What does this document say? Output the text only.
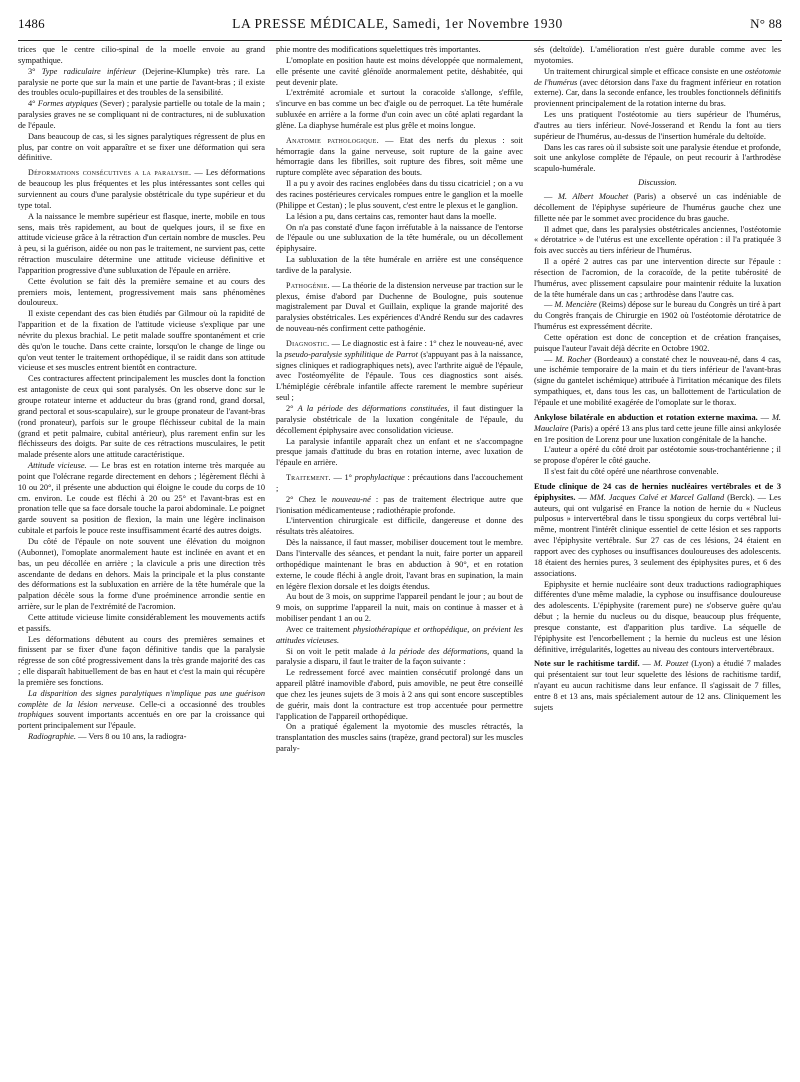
1486	LA PRESSE MÉDICALE, Samedi, 1er Novembre 1930	N° 88

trices que le centre cilio-spinal de la moelle envoie au grand sympathique.

3° Type radiculaire inférieur (Dejerine-Klumpke) très rare. La paralysie ne porte que sur la main et une partie de l'avant-bras ; il existe des troubles oculo-pupillaires et des troubles de la sensibilité.

4° Formes atypiques (Sever) ; paralysie partielle ou totale de la main ; paralysies graves ne se compliquant ni de contractures, ni de subluxation de l'épaule.

Dans beaucoup de cas, si les signes paralytiques régressent de plus en plus, par contre on voit apparaître et se fixer une déformation qui sera définitive.

Déformations consécutives a la paralysie. — Les déformations de beaucoup les plus fréquentes et les plus intéressantes sont celles qui surviennent au cours d'une paralysie obstétricale du type supérieur et du type total.

A la naissance le membre supérieur est flasque, inerte, mobile en tous sens, mais très rapidement, au bout de quelques jours, il se fixe en attitude vicieuse grâce à la rétraction d'un certain nombre de muscles. Peu à peu, si la guérison, aidée ou non pas le traitement, ne survient pas, cette rétraction musculaire détermine une attitude vicieuse définitive et l'apparition progressive d'une subluxation de l'épaule en arrière.

Cette évolution se fait dès la première semaine et au cours des premiers mois, lentement, progressivement mais sans phénomènes douloureux.

Il existe cependant des cas bien étudiés par Gilmour où la rapidité de l'apparition et de la fixation de l'attitude vicieuse s'explique par une névrite du plexus brachial. Le petit malade souffre spontanément et crie dès qu'on le touche. Dans cette crainte, lorsqu'on le change de linge ou qu'on veut tenter le traitement orthopédique, il se raidit dans son attitude vicieuse et ses muscles entrent bientôt en contracture.

Ces contractures affectent principalement les muscles dont la fonction est antagoniste de ceux qui sont paralysés. On les observe donc sur le groupe rotateur interne et adducteur du bras (grand rond, grand dorsal, grand pectoral et sous-scapulaire), sur le groupe pronateur de l'avant-bras (rond pronateur), parfois sur le groupe fléchisseur cubital de la main (grand et petit palmaire, cubital antérieur), plus rarement enfin sur les fléchisseurs des doigts. Par suite de ces rétractions musculaires, le petit malade présente alors une attitude caractéristique.

Attitude vicieuse. — Le bras est en rotation interne très marquée au point que l'olécrane regarde directement en dehors ; légèrement fléchi à 10 ou 20°, il présente une abduction qui éloigne le coude du corps de 10 cm. environ. Le coude est fléchi à 20 ou 25° et l'avant-bras est en pronation telle que sa face dorsale touche la paroi abdominale. Le poignet garde souvent sa position de flexion, la main une légère inclinaison cubitale et parfois le pouce reste insuffisamment écarté des autres doigts.

Du côté de l'épaule on note souvent une élévation du moignon (Aubonnet), l'omoplate anormalement haute est inclinée en avant et en bas, un peu décollée en arrière ; la clavicule a pris une direction très ascendante de dedans en dehors. Mais la principale et la plus constante des déformations est la subluxation en arrière de la tête humérale que la palpation décèle sous la forme d'une proéminence arrondie sentie en arrière, sur le plan de l'extrémité de l'acromion.

Cette attitude vicieuse limite considérablement les mouvements actifs et passifs.

Les déformations débutent au cours des premières semaines et finissent par se fixer d'une façon définitive tandis que la paralysie régresse de son côté progressivement dans la très grande majorité des cas ; elle disparaît habituellement de bas en haut et c'est la main qui récupère la première ses fonctions.

La disparition des signes paralytiques n'implique pas une guérison complète de la lésion nerveuse. Celle-ci a occasionné des troubles trophiques souvent importants accentués en ore par la croissance qui portent principalement sur l'épaule.

Radiographie. — Vers 8 ou 10 ans, la radiogra-

phie montre des modifications squelettiques très importantes.

L'omoplate en position haute est moins développée que normalement, elle présente une cavité glénoïde anormalement petite, déshabitée, qui peut devenir plate.

L'extrémité acromiale et surtout la coracoïde s'allonge, s'effile, s'incurve en bas comme un bec d'aigle ou de perroquet. La tête humérale subluxée en arrière a la forme d'un coin avec un côté aplati regardant la glène. La diaphyse humérale est plus grêle et moins longue.

Anatomie pathologique. — Etat des nerfs du plexus : soit hémorragie dans la gaine nerveuse, soit rupture de la gaine avec hémorragie dans les fibrilles, soit rupture des fibres, soit même une rupture complète avec séparation des bouts.

Il a pu y avoir des racines englobées dans du tissu cicatriciel ; on a vu des racines postérieures cervicales rompues entre le ganglion et la moelle (Philippe et Cestan) ; le plus souvent, c'est entre le plexus et le ganglion.

La lésion a pu, dans certains cas, remonter haut dans la moelle.

On n'a pas constaté d'une façon irréfutable à la naissance de l'entorse de l'épaule ou une subluxation de la tête humérale, ou un décollement épiphysaire.

La subluxation de la tête humérale en arrière est une conséquence tardive de la paralysie.

Pathogénie. — La théorie de la distension nerveuse par traction sur le plexus, émise d'abord par Duchenne de Boulogne, puis soutenue magistralement par Duval et Guillain, explique la grande majorité des paralysies obstétricales. Les expériences d'André Rendu sur des cadavres de nouveau-nés confirment cette pathogénie.

Diagnostic. — Le diagnostic est à faire : 1° chez le nouveau-né, avec la pseudo-paralysie syphilitique de Parrot (s'appuyant pas à la naissance, signes cliniques et radiographiques nets), avec l'arthrite aiguë de l'épaule, avec l'ostéomyélite de l'épaule. Tous ces diagnostics sont aisés. L'hémiplégie cérébrale infantile affecte rarement le membre supérieur seul ;

2° A la période des déformations constituées, il faut distinguer la paralysie obstétricale de la luxation congénitale de l'épaule, du décollement épiphysaire avec consolidation vicieuse.

La paralysie infantile apparaît chez un enfant et ne s'accompagne presque jamais d'attitude du bras en rotation interne, avec luxation de l'épaule en arrière.

Traitement. — 1° prophylactique : précautions dans l'accouchement ;

2° Chez le nouveau-né : pas de traitement électrique autre que l'ionisation médicamenteuse ; radiothérapie profonde.

L'intervention chirurgicale est difficile, dangereuse et donne des résultats très aléatoires.

Dès la naissance, il faut masser, mobiliser doucement tout le membre. Dans l'intervalle des séances, et pendant la nuit, faire porter un appareil orthopédique maintenant le bras en abduction à 90°, et en rotation externe, le coude fléchi à angle droit, l'avant bras en supination, la main en légère flexion dorsale et les doigts étendus.

Au bout de 3 mois, on supprime l'appareil pendant le jour ; au bout de 9 mois, on supprime l'appareil la nuit, mais on continue à masser et à mobiliser pendant 1 an ou 2.

Avec ce traitement physiothérapique et orthopédique, on prévient les attitudes vicieuses.

Si on voit le petit malade à la période des déformations, quand la paralysie a disparu, il faut le traiter de la façon suivante :

Le redressement forcé avec maintien consécutif prolongé dans un appareil plâtré inamovible d'abord, puis amovible, ne peut être conseillé que chez les jeunes sujets de 3 mois à 2 ans qui sont encore susceptibles de guérir, mais dont la contracture est trop accentuée pour permettre l'application de l'appareil orthopédique.

On a pratiqué également la myotomie des muscles rétractés, la transplantation des muscles sains (trapèze, grand pectoral) sur les muscles paraly-

sés (deltoïde). L'amélioration n'est guère durable comme avec les myotomies.

Un traitement chirurgical simple et efficace consiste en une ostéotomie de l'humérus (avec détorsion dans l'axe du fragment inférieur en rotation externe). Car, dans la seconde enfance, les troubles fonctionnels définitifs proviennent principalement de la rotation interne du bras.

Les uns pratiquent l'ostéotomie au tiers supérieur de l'humérus, d'autres au tiers inférieur. Nové-Josserand et Rendu la font au tiers supérieur de l'humérus, au-dessus de l'insertion humérale du deltoïde.

Dans les cas rares où il subsiste soit une paralysie étendue et profonde, soit une ankylose complète de l'épaule, on peut recourir à l'arthrodèse scapulo-humérale.

Discussion.

— M. Albert Mouchet (Paris) a observé un cas indéniable de décollement de l'épiphyse supérieure de l'humérus gauche chez une fillette née par le sommet avec procidence du bras gauche.

Il admet que, dans les paralysies obstétricales anciennes, l'ostéotomie « dérotatrice » de l'utérus est une excellente opération : il l'a pratiquée 3 fois avec succès au tiers inférieur de l'humérus.

Il a opéré 2 autres cas par une intervention directe sur l'épaule : résection de l'acromion, de la coracoïde, de la petite tubérosité de l'humérus, avec plissement capsulaire pour maintenir réduite la luxation de la tête humérale dans un cas ; arthrodèse dans l'autre cas.

— M. Mencière (Reims) dépose sur le bureau du Congrès un tiré à part du Congrès français de Chirurgie en 1902 où l'ostéotomie dérotatrice de l'humérus est expressément décrite.

Cette opération est donc de conception et de création françaises, puisque l'auteur l'avait déjà décrite en Octobre 1902.

— M. Rocher (Bordeaux) a constaté chez le nouveau-né, dans 4 cas, une ischémie temporaire de la main et du tiers inférieur de l'avant-bras (signe du gantelet ischémique) attribuée à l'irritation mécanique des filets sympathiques, et, dans tous les cas, un ballottement de l'articulation de l'épaule et une mobilité exagérée de l'omoplate sur le thorax.

Ankylose bilatérale en abduction et rotation externe maxima. — M. Mauclaire (Paris) a opéré 13 ans plus tard cette jeune fille ainsi ankylosée en 1re position de Lorenz pour une luxation congénitale de la hanche.

L'auteur a opéré du côté droit par ostéotomie sous-trochantérienne ; il se propose d'opérer le côté gauche.

Il s'est fait du côté opéré une néarthrose convenable.

Etude clinique de 24 cas de hernies nucléaires vertébrales et de 3 épiphysites. — MM. Jacques Calvé et Marcel Galland (Berck). — Les auteurs, qui ont vulgarisé en France la notion de hernie du « Nucleus pulposus » intervertébral dans le tissu spongieux du corps vertébral lui-même, montrent l'intérêt clinique essentiel de cette lésion et ses rapports avec l'épiphysite vertébrale. Sur 27 cas de ces lésions, 24 étaient en rapport avec des cyphoses ou insuffisances douloureuses des adolescents. 18 étaient des hernies pures, 3 seulement des épiphysites pures, et 6 des associations.

Epiphysite et hernie nucléaire sont deux traductions radiographiques différentes d'une même maladie, la cyphose ou insuffisance douloureuse des adolescents. L'épiphysite (rarement pure) ne s'observe guère qu'au début ; la hernie du nucleus ou du disque, beaucoup plus fréquente, presque constante, est d'apparition plus tardive. La séquelle de l'épiphysite est l'encorbellement ; la hernie du nucleus est une lésion définitive, irrégularités, logettes au niveau des contours intervertébraux.

Note sur le rachitisme tardif. — M. Pouzet (Lyon) a étudié 7 malades qui présentaient sur tout leur squelette des lésions de rachitisme tardif, n'ayant eu aucun rachitisme dans leur enfance. Il s'agissait de 7 filles, entre 8 et 13 ans, mais spécialement autour de 12 ans. Cliniquement les sujets
